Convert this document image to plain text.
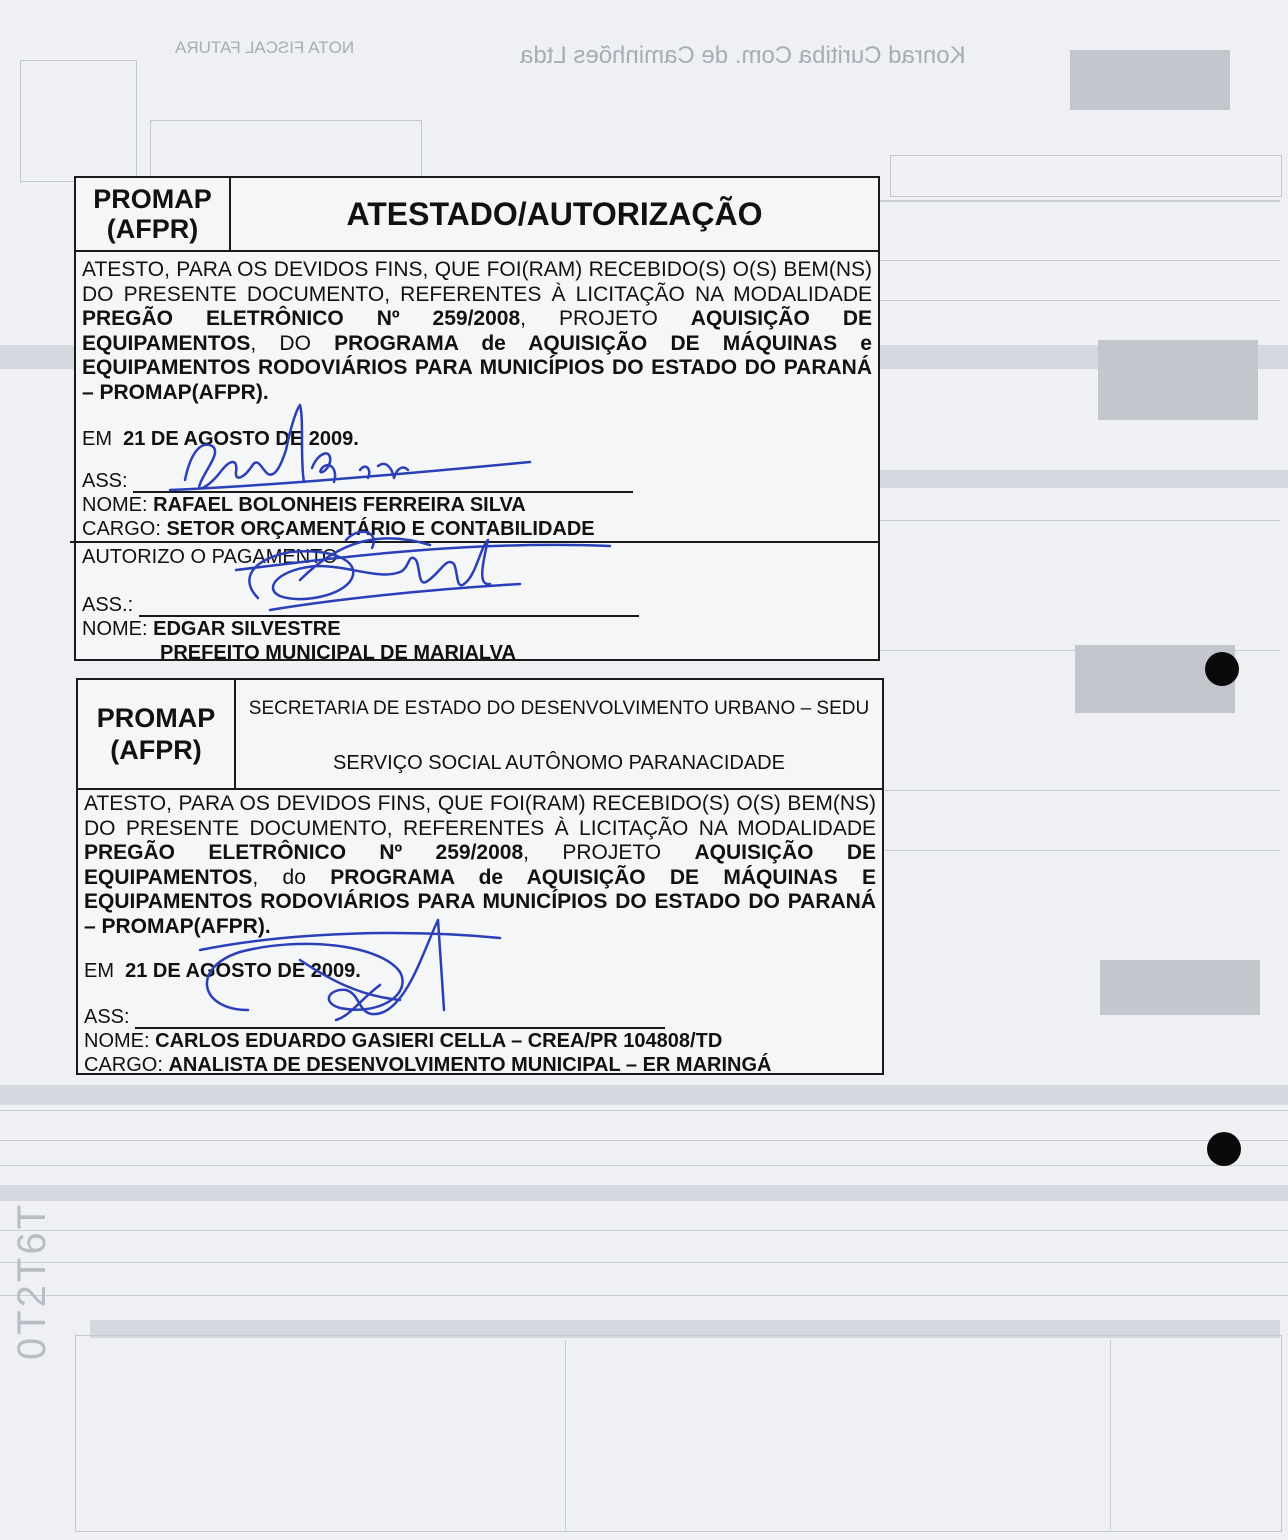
Konrad Curitiba Com. de Caminhões Ltda
NOTA FISCAL FATURA
0T2T6T
PROMAP
(AFPR)	ATESTADO/AUTORIZAÇÃO
ATESTO, PARA OS DEVIDOS FINS, QUE FOI(RAM) RECEBIDO(S) O(S) BEM(NS) DO PRESENTE DOCUMENTO, REFERENTES À LICITAÇÃO NA MODALIDADE PREGÃO ELETRÔNICO Nº 259/2008, PROJETO AQUISIÇÃO DE EQUIPAMENTOS, DO PROGRAMA de AQUISIÇÃO DE MÁQUINAS e EQUIPAMENTOS RODOVIÁRIOS PARA MUNICÍPIOS DO ESTADO DO PARANÁ – PROMAP(AFPR).
EM 21 DE AGOSTO DE 2009.
ASS:
NOME: RAFAEL BOLONHEIS FERREIRA SILVA
CARGO: SETOR ORÇAMENTÁRIO E CONTABILIDADE
AUTORIZO O PAGAMENTO
ASS.:
NOME: EDGAR SILVESTRE
PREFEITO MUNICIPAL DE MARIALVA
PROMAP
(AFPR)
SECRETARIA DE ESTADO DO DESENVOLVIMENTO URBANO – SEDU
SERVIÇO SOCIAL AUTÔNOMO PARANACIDADE
ATESTO, PARA OS DEVIDOS FINS, QUE FOI(RAM) RECEBIDO(S) O(S) BEM(NS) DO PRESENTE DOCUMENTO, REFERENTES À LICITAÇÃO NA MODALIDADE PREGÃO ELETRÔNICO Nº 259/2008, PROJETO AQUISIÇÃO DE EQUIPAMENTOS, do PROGRAMA de AQUISIÇÃO DE MÁQUINAS E EQUIPAMENTOS RODOVIÁRIOS PARA MUNICÍPIOS DO ESTADO DO PARANÁ – PROMAP(AFPR).
EM 21 DE AGOSTO DE 2009.
ASS:
NOME: CARLOS EDUARDO GASIERI CELLA – CREA/PR 104808/TD
CARGO: ANALISTA DE DESENVOLVIMENTO MUNICIPAL – ER MARINGÁ
